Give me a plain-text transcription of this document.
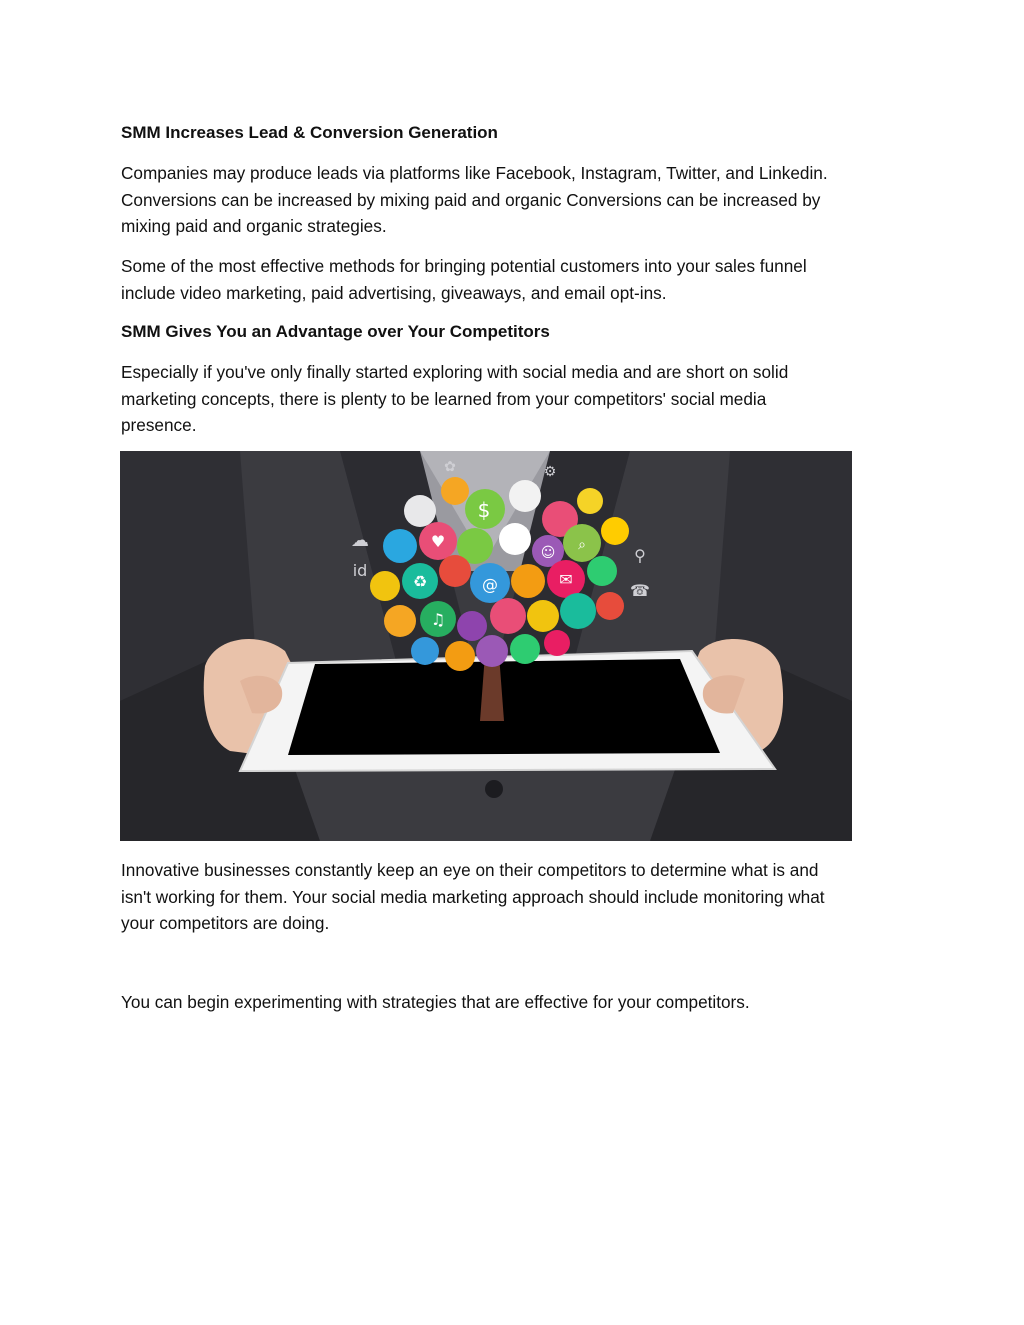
SMM Increases Lead & Conversion Generation
Companies may produce leads via platforms like Facebook, Instagram, Twitter, and Linkedin.
Conversions can be increased by mixing paid and organic Conversions can be increased by
mixing paid and organic strategies.
Some of the most effective methods for bringing potential customers into your sales funnel
include video marketing, paid advertising, giveaways, and email opt-ins.
SMM Gives You an Advantage over Your Competitors
Especially if you've only finally started exploring with social media and are short on solid
marketing concepts, there is plenty to be learned from your competitors' social media
presence.
$
@
♥
♻
♫
✉
☺ ⌕
☁
id
⚲
☎
✿	⚙
Innovative businesses constantly keep an eye on their competitors to determine what is and
isn't working for them. Your social media marketing approach should include monitoring what
your competitors are doing.
You can begin experimenting with strategies that are effective for your competitors.
